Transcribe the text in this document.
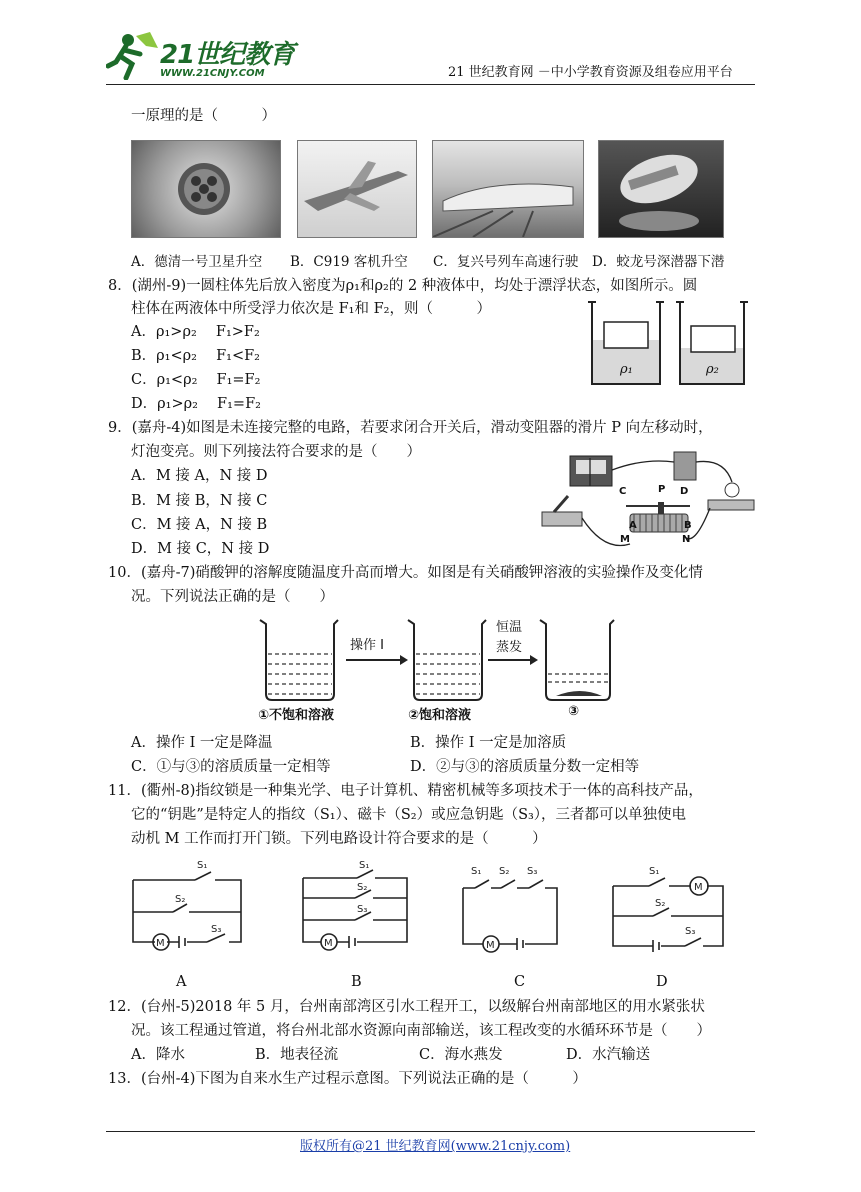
21世纪教育
WWW.21CNJY.COM	21 世纪教育网 －中小学教育资源及组卷应用平台
一原理的是（　　　）
A．德清一号卫星升空 B．C919 客机升空 C．复兴号列车高速行驶 D．蛟龙号深潜器下潜
8．(湖州-9)一圆柱体先后放入密度为ρ₁和ρ₂的 2 种液体中，均处于漂浮状态，如图所示。圆
柱体在两液体中所受浮力依次是 F₁和 F₂，则（　　　）
A．ρ₁>ρ₂　 F₁>F₂
B．ρ₁<ρ₂　 F₁<F₂
C．ρ₁<ρ₂　 F₁=F₂
D．ρ₁>ρ₂　 F₁=F₂
ρ₁	ρ₂
9．(嘉舟-4)如图是未连接完整的电路，若要求闭合开关后，滑动变阻器的滑片 P 向左移动时，
灯泡变亮。则下列接法符合要求的是（　　）
A．M 接 A，N 接 D
B．M 接 B，N 接 C
C．M 接 A，N 接 B
D．M 接 C，N 接 D
C	P D
A	B
M	N
10．(嘉舟-7)硝酸钾的溶解度随温度升高而增大。如图是有关硝酸钾溶液的实验操作及变化情
况。下列说法正确的是（　　）
操作 I
恒温
蒸发
①不饱和溶液	②饱和溶液	③
A．操作 I 一定是降温	B．操作 I 一定是加溶质
C．①与③的溶质质量一定相等	D．②与③的溶质质量分数一定相等
11．(衢州-8)指纹锁是一种集光学、电子计算机、精密机械等多项技术于一体的高科技产品，
它的“钥匙”是特定人的指纹（S₁）、磁卡（S₂）或应急钥匙（S₃），三者都可以单独使电
动机 M 工作而打开门锁。下列电路设计符合要求的是（　　　）
S₁
S₂
S₃
M
S₁
S₂
S₃
M
S₁ S₂ S₃
M
S₁
S₂
S₃
M
A	B	C	D
12．(台州-5)2018 年 5 月，台州南部湾区引水工程开工，以级解台州南部地区的用水紧张状
况。该工程通过管道，将台州北部水资源向南部输送，该工程改变的水循环环节是（　　）
A．降水	B．地表径流	C．海水燕发	D．水汽输送
13．(台州-4)下图为自来水生产过程示意图。下列说法正确的是（　　　）
版权所有@21 世纪教育网(www.21cnjy.com)
